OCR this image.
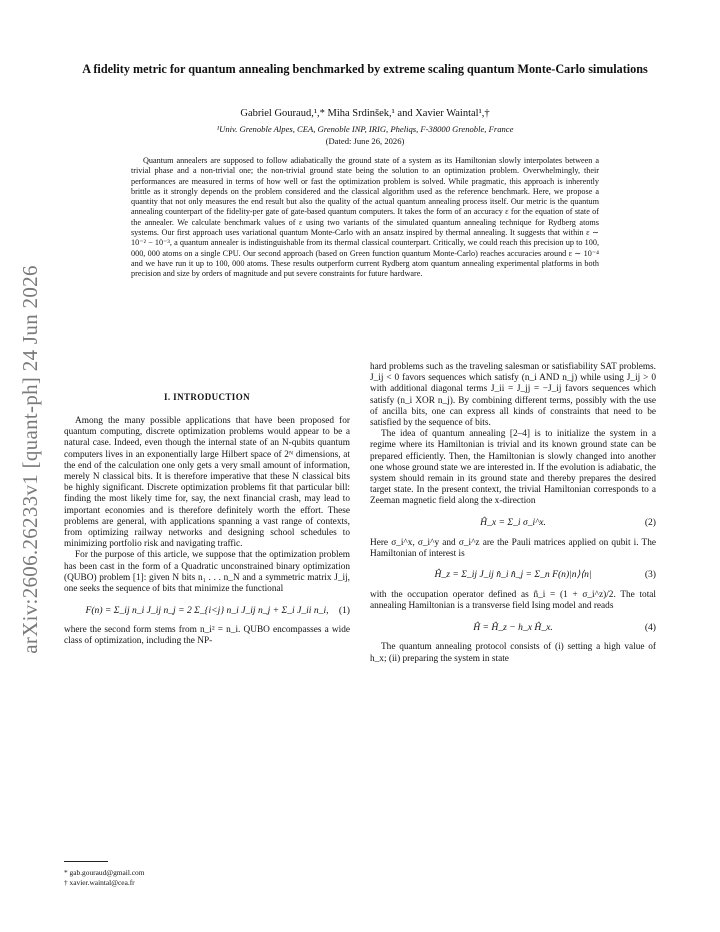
arXiv:2606.26233v1 [quant-ph] 24 Jun 2026
A fidelity metric for quantum annealing benchmarked by extreme scaling quantum Monte-Carlo simulations
Gabriel Gouraud,¹,* Miha Srdinšek,¹ and Xavier Waintal¹,†
¹Univ. Grenoble Alpes, CEA, Grenoble INP, IRIG, Pheliqs, F-38000 Grenoble, France
(Dated: June 26, 2026)

Quantum annealers are supposed to follow adiabatically the ground state of a system as its Hamiltonian slowly interpolates between a trivial phase and a non-trivial one; the non-trivial ground state being the solution to an optimization problem. Overwhelmingly, their performances are measured in terms of how well or fast the optimization problem is solved. While pragmatic, this approach is inherently brittle as it strongly depends on the problem considered and the classical algorithm used as the reference benchmark. Here, we propose a quantity that not only measures the end result but also the quality of the actual quantum annealing process itself. Our metric is the quantum annealing counterpart of the fidelity-per gate of gate-based quantum computers. It takes the form of an accuracy ε for the equation of state of the annealer. We calculate benchmark values of ε using two variants of the simulated quantum annealing technique for Rydberg atoms systems. Our first approach uses variational quantum Monte-Carlo with an ansatz inspired by thermal annealing. It suggests that within ε ∼ 10⁻² − 10⁻³, a quantum annealer is indistinguishable from its thermal classical counterpart. Critically, we could reach this precision up to 100, 000, 000 atoms on a single CPU. Our second approach (based on Green function quantum Monte-Carlo) reaches accuracies around ε ∼ 10⁻⁴ and we have run it up to 100, 000 atoms. These results outperform current Rydberg atom quantum annealing experimental platforms in both precision and size by orders of magnitude and put severe constraints for future hardware.

I. INTRODUCTION

Among the many possible applications that have been proposed for quantum computing, discrete optimization problems would appear to be a natural case. Indeed, even though the internal state of an N-qubits quantum computers lives in an exponentially large Hilbert space of 2ᴺ dimensions, at the end of the calculation one only gets a very small amount of information, merely N classical bits. It is therefore imperative that these N classical bits be highly significant. Discrete optimization problems fit that particular bill: finding the most likely time for, say, the next financial crash, may lead to important economies and is therefore definitely worth the effort. These problems are general, with applications spanning a vast range of contexts, from optimizing railway networks and designing school schedules to minimizing portfolio risk and navigating traffic.

For the purpose of this article, we suppose that the optimization problem has been cast in the form of a Quadratic unconstrained binary optimization (QUBO) problem [1]: given N bits n₁ . . . n_N and a symmetric matrix J_ij, one seeks the sequence of bits that minimize the functional

F(n) = Σ_ij n_i J_ij n_j = 2 Σ_{i<j} n_i J_ij n_j + Σ_i J_ii n_i, (1)

where the second form stems from n_i² = n_i. QUBO encompasses a wide class of optimization, including the NP-

hard problems such as the traveling salesman or satisfiability SAT problems. J_ij < 0 favors sequences which satisfy (n_i AND n_j) while using J_ij > 0 with additional diagonal terms J_ii = J_jj = −J_ij favors sequences which satisfy (n_i XOR n_j). By combining different terms, possibly with the use of ancilla bits, one can express all kinds of constraints that need to be satisfied by the sequence of bits.

The idea of quantum annealing [2–4] is to initialize the system in a regime where its Hamiltonian is trivial and its known ground state can be prepared efficiently. Then, the Hamiltonian is slowly changed into another one whose ground state we are interested in. If the evolution is adiabatic, the system should remain in its ground state and thereby prepares the desired target state. In the present context, the trivial Hamiltonian corresponds to a Zeeman magnetic field along the x-direction

Ĥ_x = Σ_i σ_i^x.	(2)

Here σ_i^x, σ_i^y and σ_i^z are the Pauli matrices applied on qubit i. The Hamiltonian of interest is

Ĥ_z = Σ_ij J_ij n̂_i n̂_j = Σ_n F(n)|n⟩⟨n|	(3)

with the occupation operator defined as n̂_i = (1 + σ_i^z)/2. The total annealing Hamiltonian is a transverse field Ising model and reads

Ĥ = Ĥ_z − h_x Ĥ_x.	(4)

The quantum annealing protocol consists of (i) setting a high value of h_x; (ii) preparing the system in state

* gab.gouraud@gmail.com
† xavier.waintal@cea.fr
